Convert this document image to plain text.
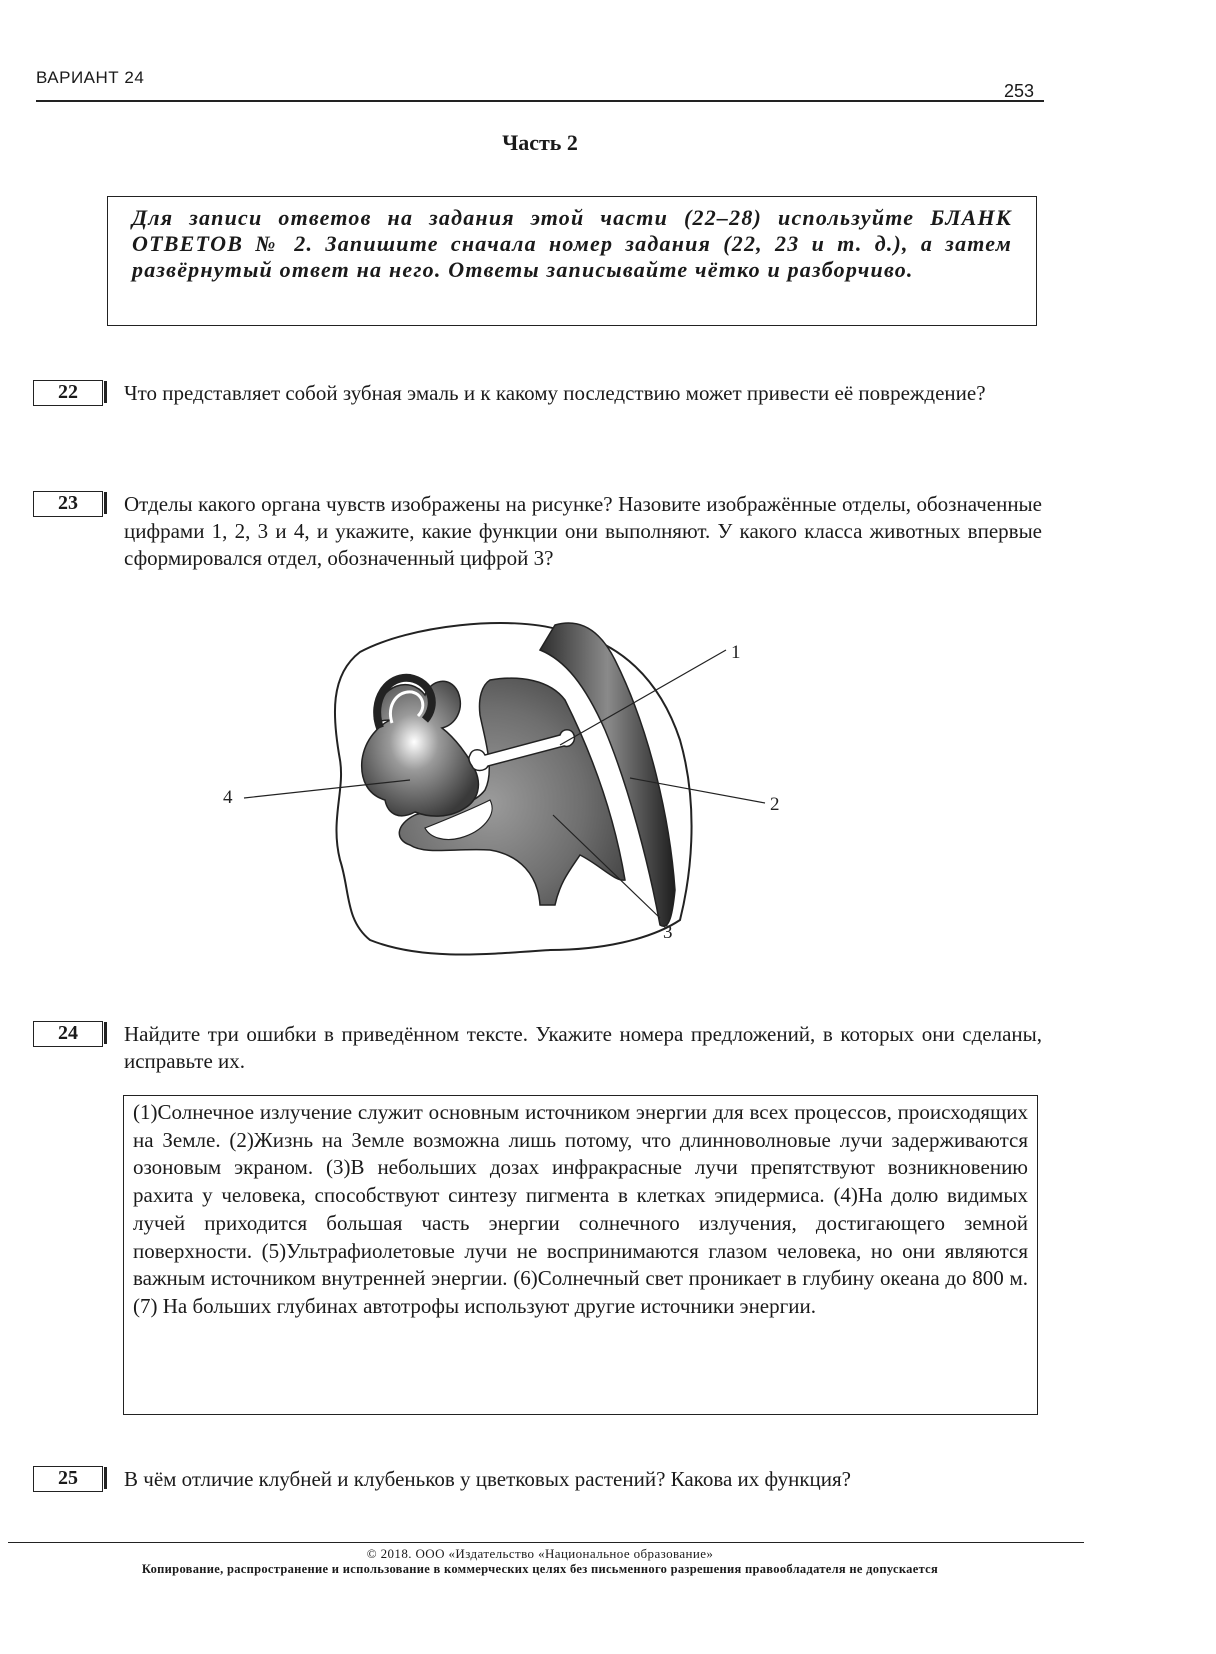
ВАРИАНТ 24
253
Часть 2

Для записи ответов на задания этой части (22–28) используйте БЛАНК ОТВЕТОВ № 2. Запишите сначала номер задания (22, 23 и т. д.), а затем развёрнутый ответ на него. Ответы записывайте чётко и разборчиво.

22	Что представляет собой зубная эмаль и к какому последствию может привести её повреждение?

23	Отделы какого органа чувств изображены на рисунке? Назовите изображённые отделы, обозначенные цифрами 1, 2, 3 и 4, и укажите, какие функции они выполняют. У какого класса животных впервые сформировался отдел, обозначенный цифрой 3?

1
2
3
4
24	Найдите три ошибки в приведённом тексте. Укажите номера предложений, в которых они сделаны, исправьте их.

(1)Солнечное излучение служит основным источником энергии для всех процессов, происходящих на Земле. (2)Жизнь на Земле возможна лишь потому, что длинноволновые лучи задерживаются озоновым экраном. (3)В небольших дозах инфракрасные лучи препятствуют возникновению рахита у человека, способствуют синтезу пигмента в клетках эпидермиса. (4)На долю видимых лучей приходится большая часть энергии солнечного излучения, достигающего земной поверхности. (5)Ультрафиолетовые лучи не воспринимаются глазом человека, но они являются важным источником внутренней энергии. (6)Солнечный свет проникает в глубину океана до 800 м. (7) На больших глубинах автотрофы используют другие источники энергии.

25	В чём отличие клубней и клубеньков у цветковых растений? Какова их функция?

© 2018. ООО «Издательство «Национальное образование»
Копирование, распространение и использование в коммерческих целях без письменного разрешения правообладателя не допускается
